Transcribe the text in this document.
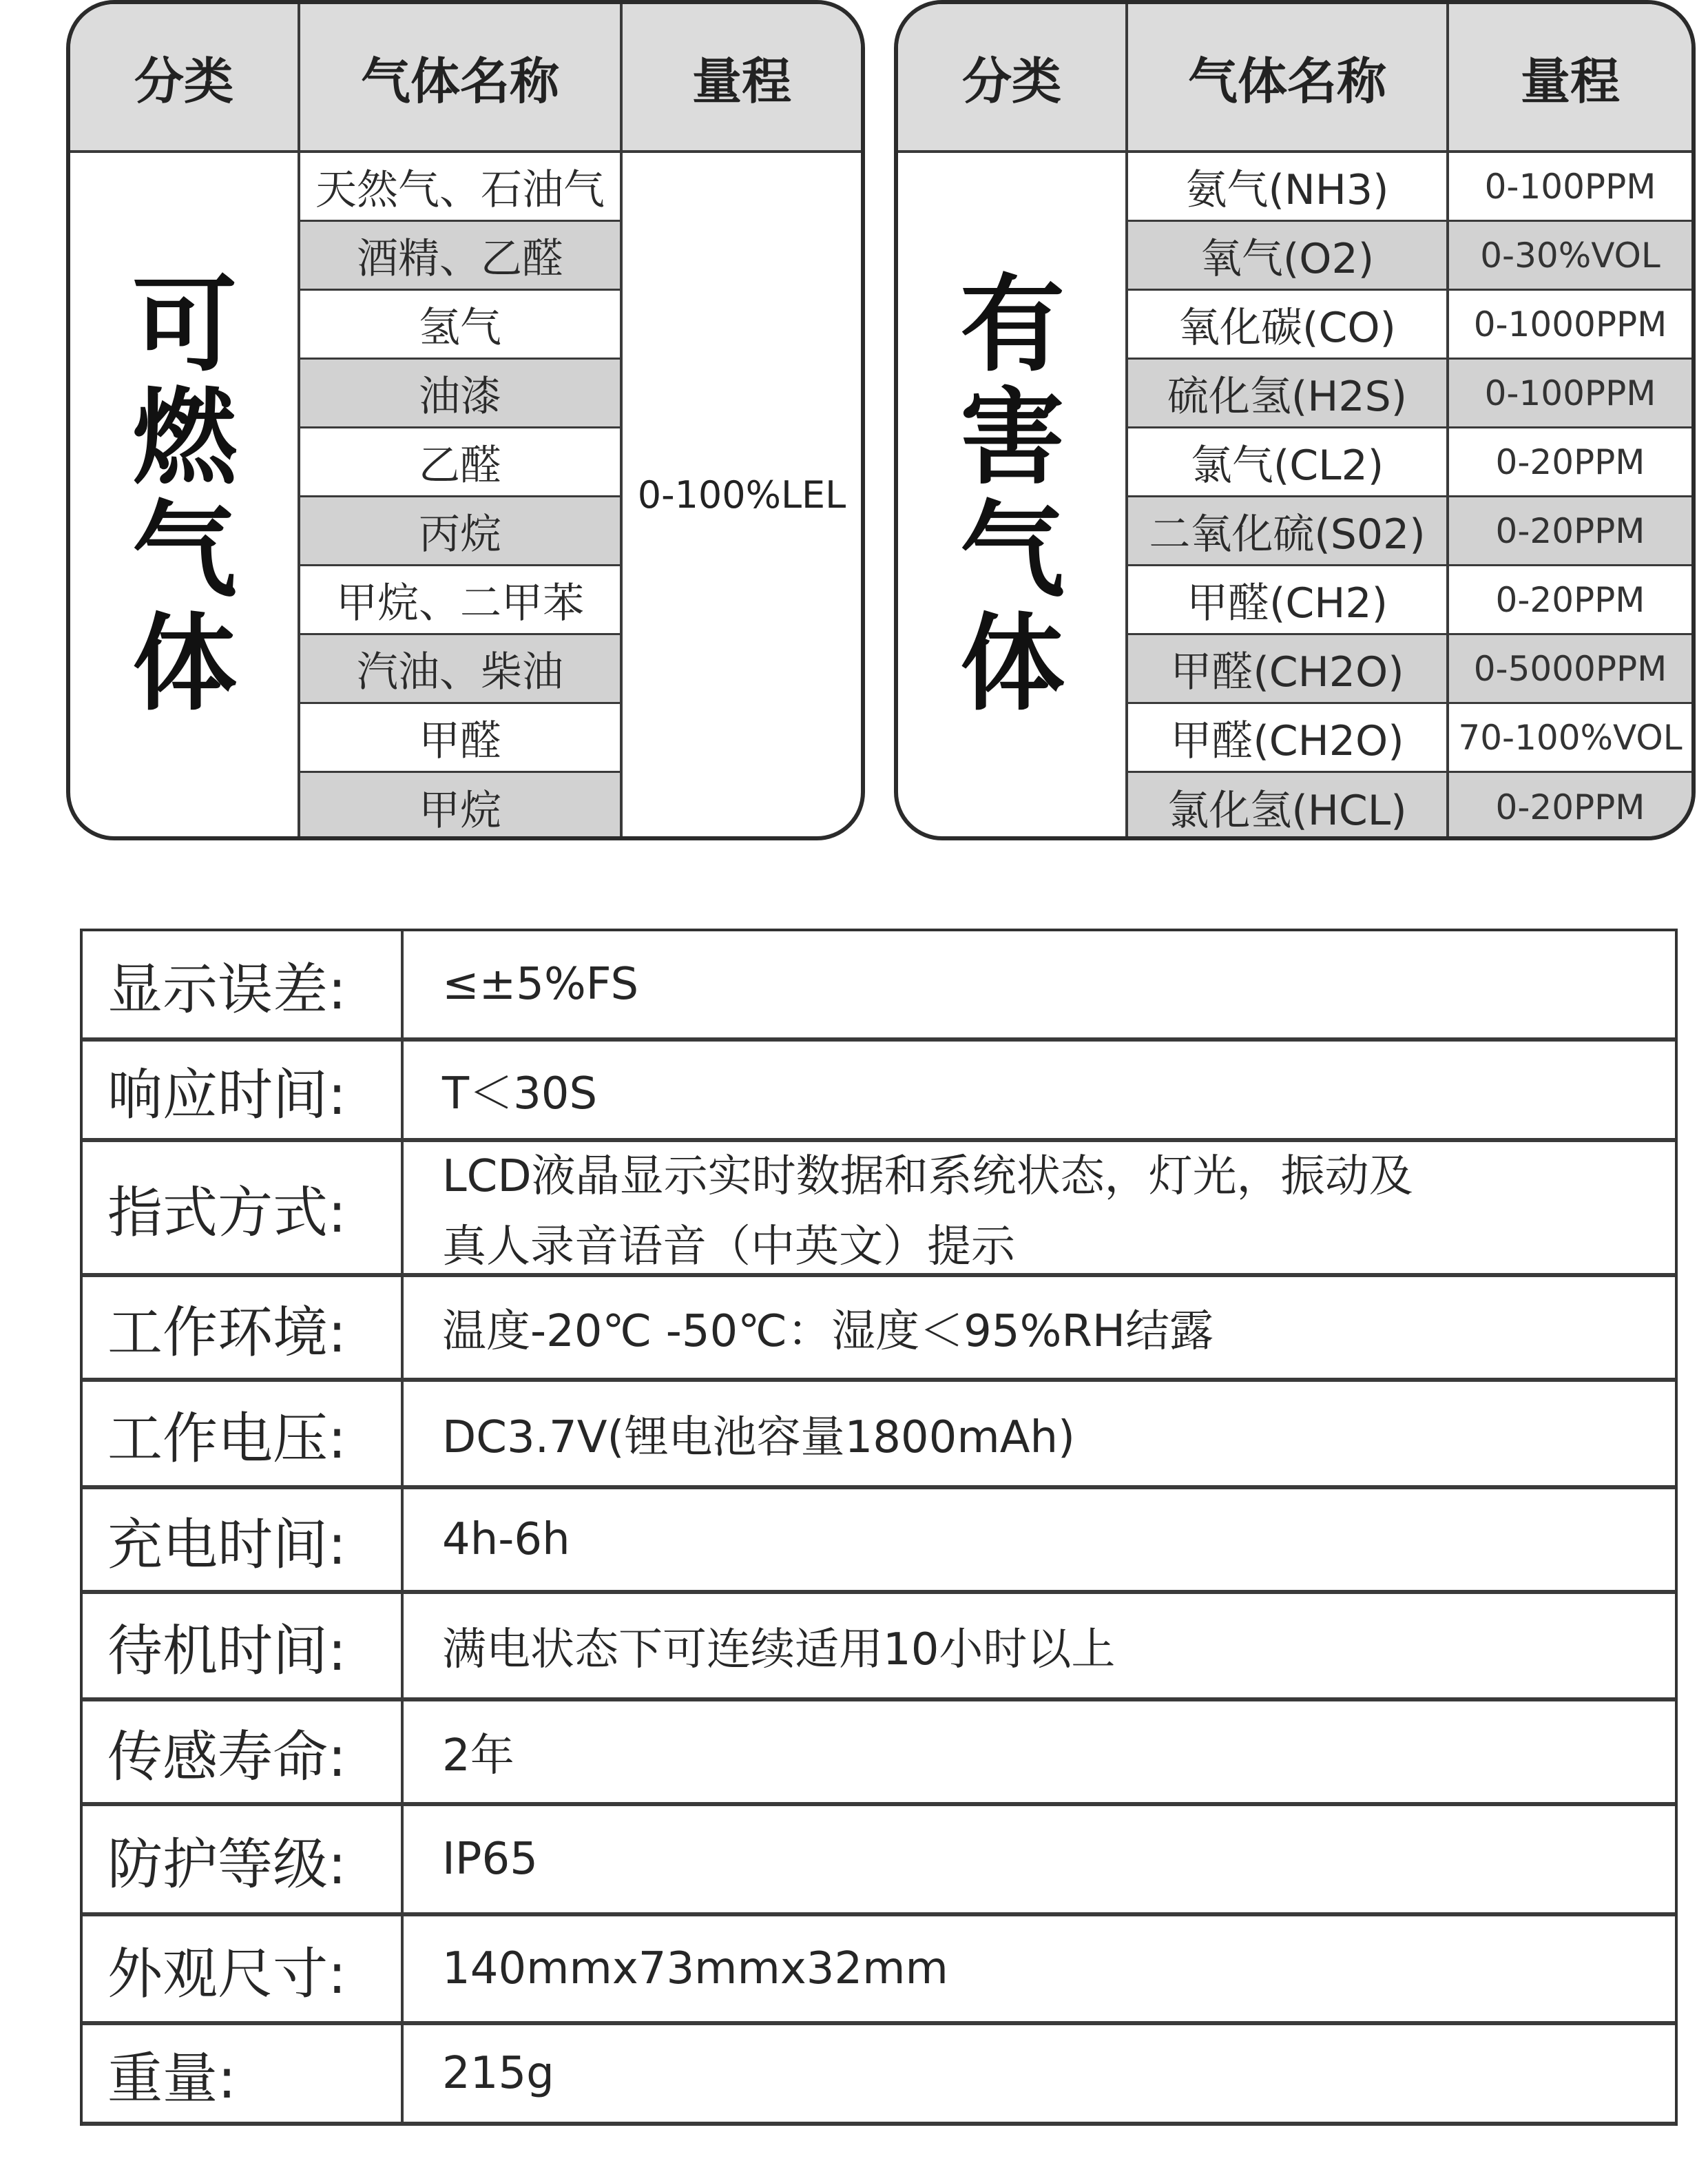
分类	气体名称	量程
可燃气体
天然气、石油气
酒精、乙醛
氢气
油漆
乙醛
丙烷
甲烷、二甲苯
汽油、柴油
甲醛
甲烷
0-100%LEL
分类	气体名称	量程
有害气体
氨气(NH3)	0-100PPM
氧气(O2)	0-30%VOL
氧化碳(CO)	0-1000PPM
硫化氢(H2S)	0-100PPM
氯气(CL2)	0-20PPM
二氧化硫(S02)	0-20PPM
甲醛(CH2)	0-20PPM
甲醛(CH2O)	0-5000PPM
甲醛(CH2O)	70-100%VOL
氯化氢(HCL)	0-20PPM
显示误差:	≤±5%FS
响应时间:	T＜30S
指式方式:
LCD液晶显示实时数据和系统状态，灯光，振动及
真人录音语音（中英文）提示
工作环境:	温度-20℃ -50℃：湿度＜95%RH结露
工作电压:	DC3.7V(锂电池容量1800mAh)
充电时间:	4h-6h
待机时间:	满电状态下可连续适用10小时以上
传感寿命:	2年
防护等级:	IP65
外观尺寸:	140mmx73mmx32mm
重量:	215g
